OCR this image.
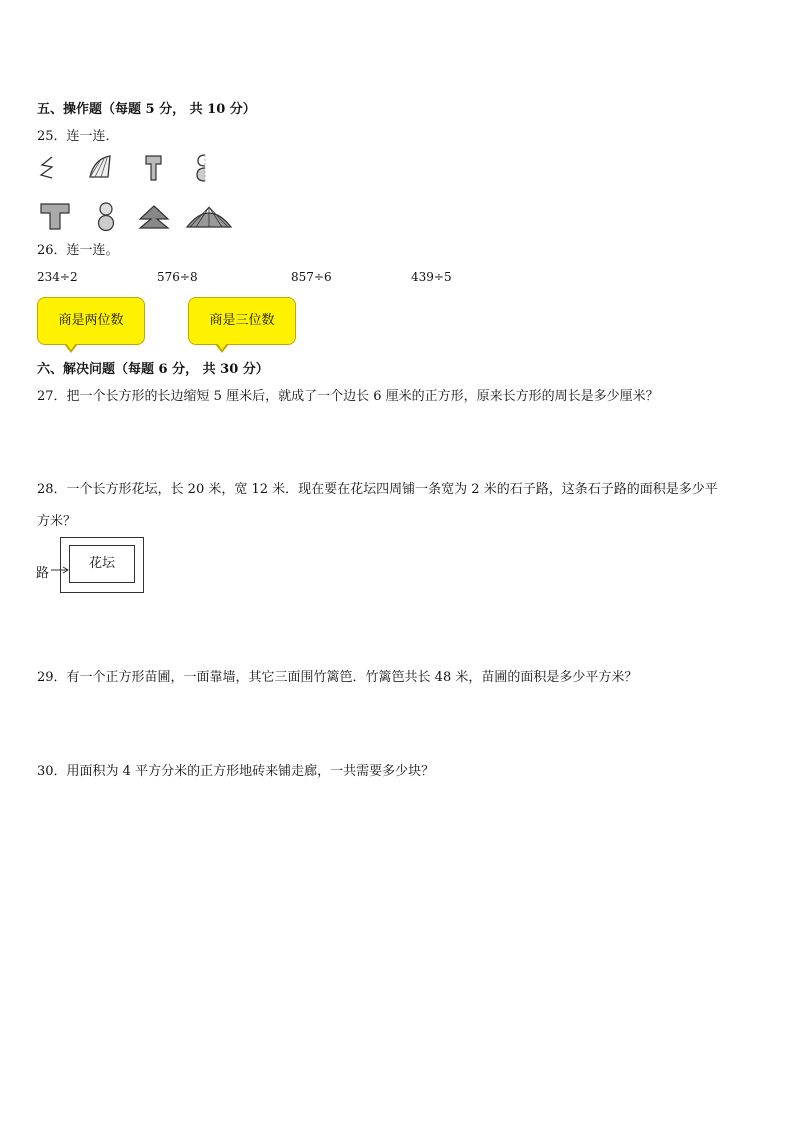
五、操作题（每题 5 分， 共 10 分）
25．连一连．
26．连一连。
234÷2	576÷8	857÷6	439÷5
商是两位数	商是三位数
六、解决问题（每题 6 分， 共 30 分）
27．把一个长方形的长边缩短 5 厘米后，就成了一个边长 6 厘米的正方形，原来长方形的周长是多少厘米？
28．一个长方形花坛，长 20 米，宽 12 米．现在要在花坛四周铺一条宽为 2 米的石子路，这条石子路的面积是多少平
方米？
花坛
路
29．有一个正方形苗圃，一面靠墙，其它三面围竹篱笆．竹篱笆共长 48 米，苗圃的面积是多少平方米？
30．用面积为 4 平方分米的正方形地砖来铺走廊，一共需要多少块？
